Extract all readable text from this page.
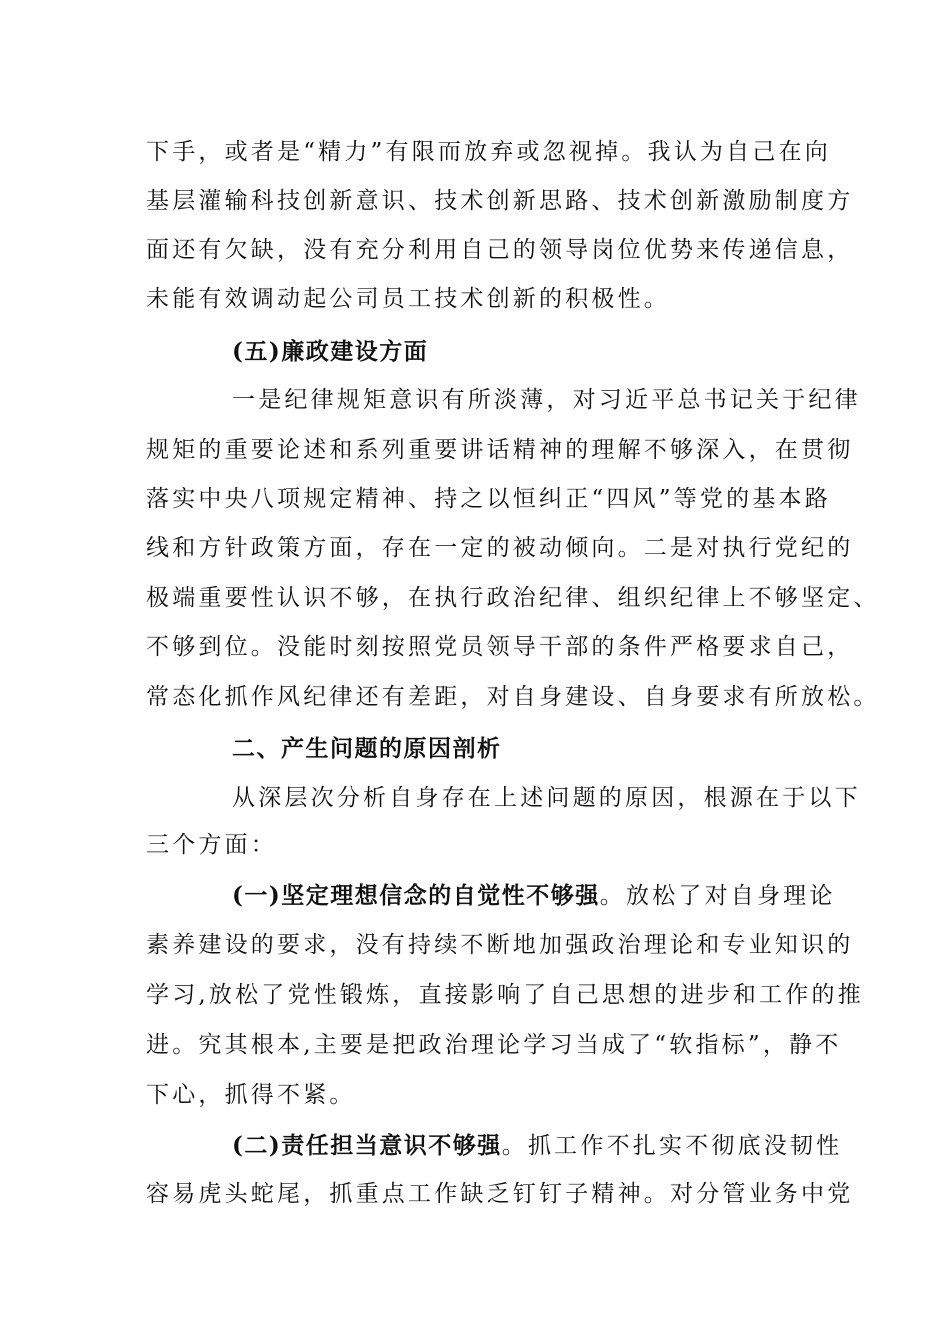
下手，或者是“精力”有限而放弃或忽视掉。我认为自己在向
基层灌输科技创新意识、技术创新思路、技术创新激励制度方
面还有欠缺，没有充分利用自己的领导岗位优势来传递信息，
未能有效调动起公司员工技术创新的积极性。
(五)廉政建设方面
一是纪律规矩意识有所淡薄，对习近平总书记关于纪律
规矩的重要论述和系列重要讲话精神的理解不够深入，在贯彻
落实中央八项规定精神、持之以恒纠正“四风”等党的基本路
线和方针政策方面，存在一定的被动倾向。二是对执行党纪的
极端重要性认识不够，在执行政治纪律、组织纪律上不够坚定、
不够到位。没能时刻按照党员领导干部的条件严格要求自己，
常态化抓作风纪律还有差距，对自身建设、自身要求有所放松。
二、产生问题的原因剖析
从深层次分析自身存在上述问题的原因，根源在于以下
三个方面：
(一)坚定理想信念的自觉性不够强。放松了对自身理论
素养建设的要求，没有持续不断地加强政治理论和专业知识的
学习,放松了党性锻炼，直接影响了自己思想的进步和工作的推
进。究其根本,主要是把政治理论学习当成了“软指标”，静不
下心，抓得不紧。
(二)责任担当意识不够强。抓工作不扎实不彻底没韧性
容易虎头蛇尾，抓重点工作缺乏钉钉子精神。对分管业务中党
